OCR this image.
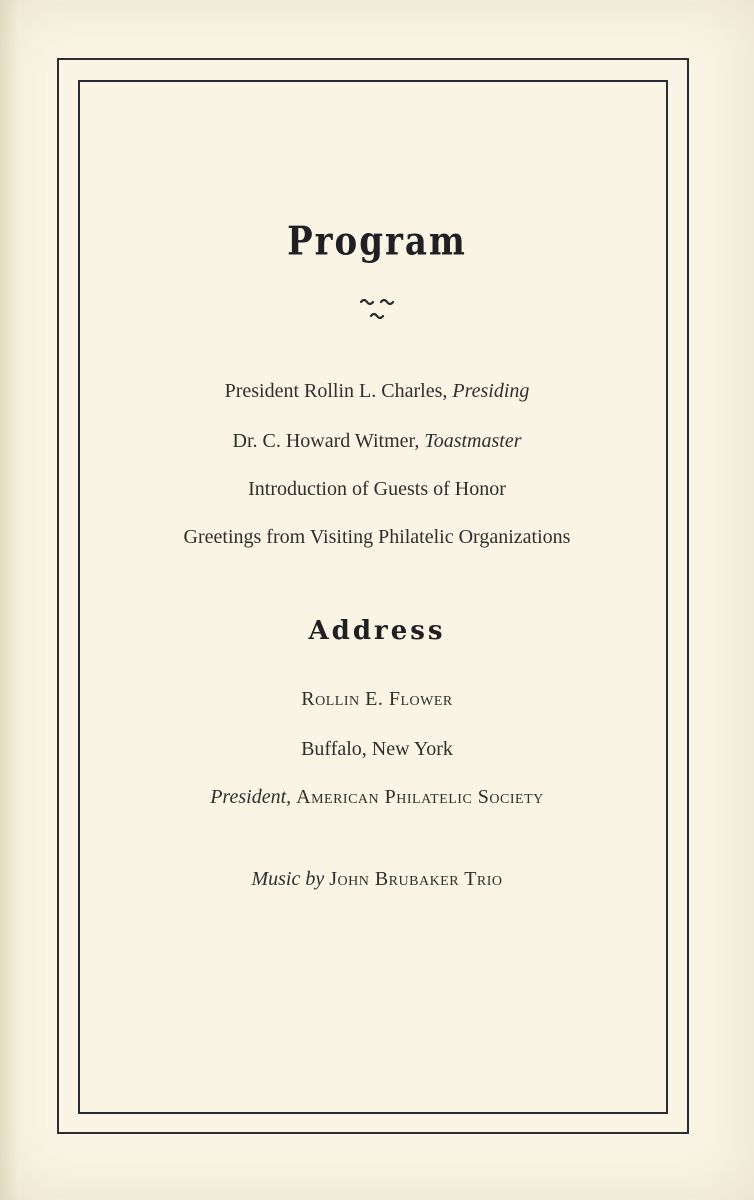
Program
President Rollin L. Charles, Presiding
Dr. C. Howard Witmer, Toastmaster
Introduction of Guests of Honor
Greetings from Visiting Philatelic Organizations
Address
Rollin E. Flower
Buffalo, New York
President, American Philatelic Society
Music by John Brubaker Trio
